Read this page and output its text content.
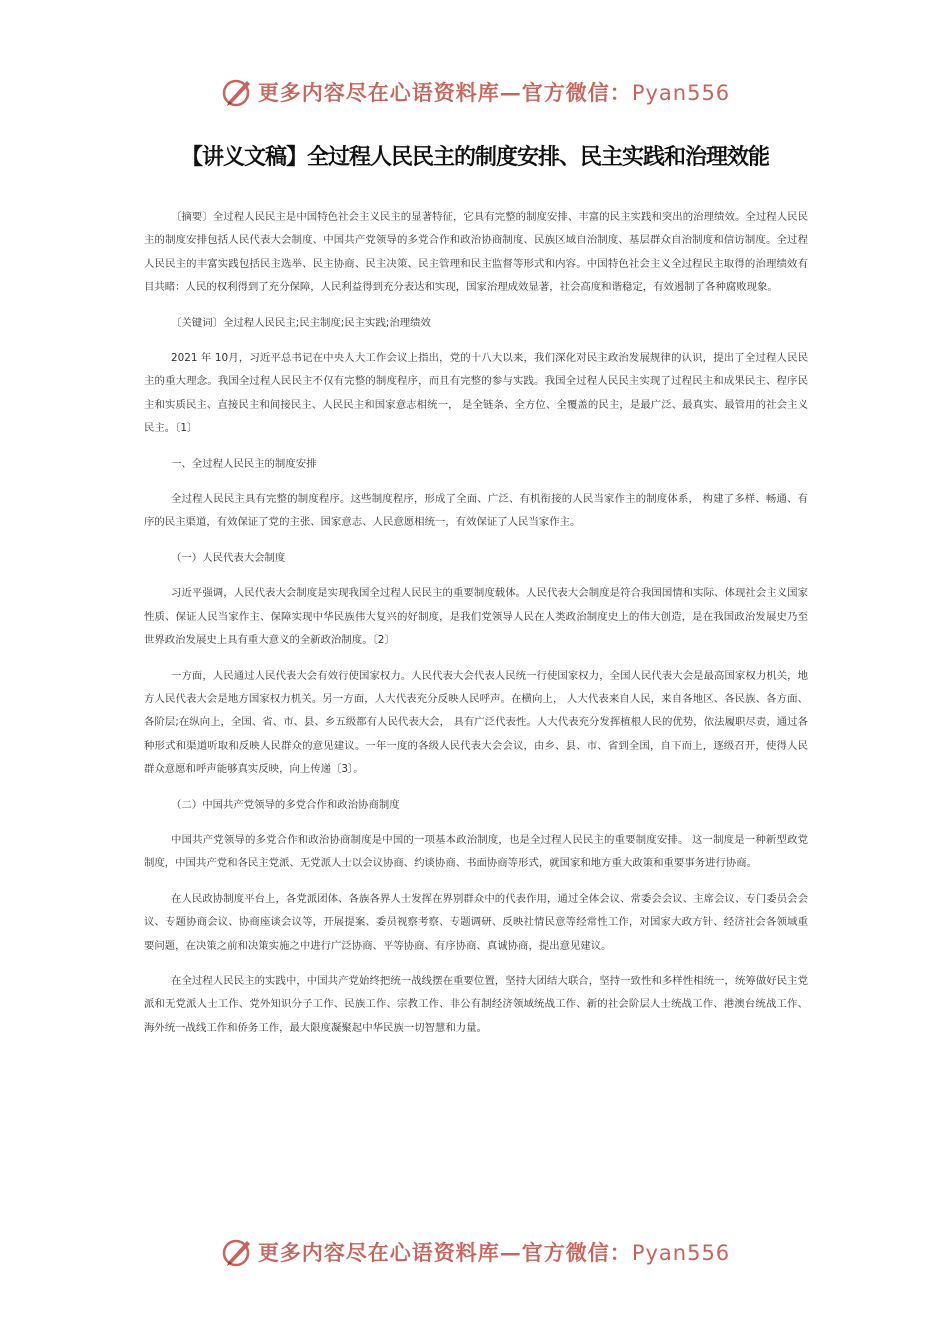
更多内容尽在心语资料库—官方微信：Pyan556
【讲义文稿】全过程人民民主的制度安排、民主实践和治理效能

〔摘要〕全过程人民民主是中国特色社会主义民主的显著特征，它具有完整的制度安排、丰富的民主实践和突出的治理绩效。全过程人民民主的制度安排包括人民代表大会制度、中国共产党领导的多党合作和政治协商制度、民族区域自治制度、基层群众自治制度和信访制度。全过程人民民主的丰富实践包括民主选举、民主协商、民主决策、民主管理和民主监督等形式和内容。中国特色社会主义全过程民主取得的治理绩效有目共睹：人民的权利得到了充分保障，人民利益得到充分表达和实现，国家治理成效显著，社会高度和谐稳定，有效遏制了各种腐败现象。

〔关键词〕全过程人民民主;民主制度;民主实践;治理绩效

2021 年 10月，习近平总书记在中央人大工作会议上指出，党的十八大以来，我们深化对民主政治发展规律的认识，提出了全过程人民民主的重大理念。我国全过程人民民主不仅有完整的制度程序，而且有完整的参与实践。我国全过程人民民主实现了过程民主和成果民主、程序民主和实质民主、直接民主和间接民主、人民民主和国家意志相统一， 是全链条、全方位、全覆盖的民主，是最广泛、最真实、最管用的社会主义民主。〔1〕

一、全过程人民民主的制度安排

全过程人民民主具有完整的制度程序。这些制度程序，形成了全面、广泛、有机衔接的人民当家作主的制度体系， 构建了多样、畅通、有序的民主渠道，有效保证了党的主张、国家意志、人民意愿相统一，有效保证了人民当家作主。

（一）人民代表大会制度

习近平强调，人民代表大会制度是实现我国全过程人民民主的重要制度载体。人民代表大会制度是符合我国国情和实际、体现社会主义国家性质、保证人民当家作主、保障实现中华民族伟大复兴的好制度，是我们党领导人民在人类政治制度史上的伟大创造，是在我国政治发展史乃至世界政治发展史上具有重大意义的全新政治制度。〔2〕

一方面，人民通过人民代表大会有效行使国家权力。人民代表大会代表人民统一行使国家权力，全国人民代表大会是最高国家权力机关，地方人民代表大会是地方国家权力机关。另一方面，人大代表充分反映人民呼声。在横向上， 人大代表来自人民，来自各地区、各民族、各方面、各阶层;在纵向上，全国、省、市、县、乡五级都有人民代表大会， 具有广泛代表性。人大代表充分发挥植根人民的优势，依法履职尽责，通过各种形式和渠道听取和反映人民群众的意见建议。一年一度的各级人民代表大会会议，由乡、县、市、省到全国，自下而上，逐级召开，使得人民群众意愿和呼声能够真实反映，向上传递〔3〕。

（二）中国共产党领导的多党合作和政治协商制度

中国共产党领导的多党合作和政治协商制度是中国的一项基本政治制度，也是全过程人民民主的重要制度安排。 这一制度是一种新型政党制度，中国共产党和各民主党派、无党派人士以会议协商、约谈协商、书面协商等形式，就国家和地方重大政策和重要事务进行协商。

在人民政协制度平台上，各党派团体、各族各界人士发挥在界别群众中的代表作用，通过全体会议、常委会会议、主席会议、专门委员会会议、专题协商会议、协商座谈会议等，开展提案、委员视察考察、专题调研、反映社情民意等经常性工作，对国家大政方针、经济社会各领域重要问题，在决策之前和决策实施之中进行广泛协商、平等协商、有序协商、真诚协商，提出意见建议。

在全过程人民民主的实践中，中国共产党始终把统一战线摆在重要位置，坚持大团结大联合，坚持一致性和多样性相统一，统筹做好民主党派和无党派人士工作、党外知识分子工作、民族工作、宗教工作、非公有制经济领域统战工作、新的社会阶层人士统战工作、港澳台统战工作、海外统一战线工作和侨务工作，最大限度凝聚起中华民族一切智慧和力量。

更多内容尽在心语资料库—官方微信：Pyan556
